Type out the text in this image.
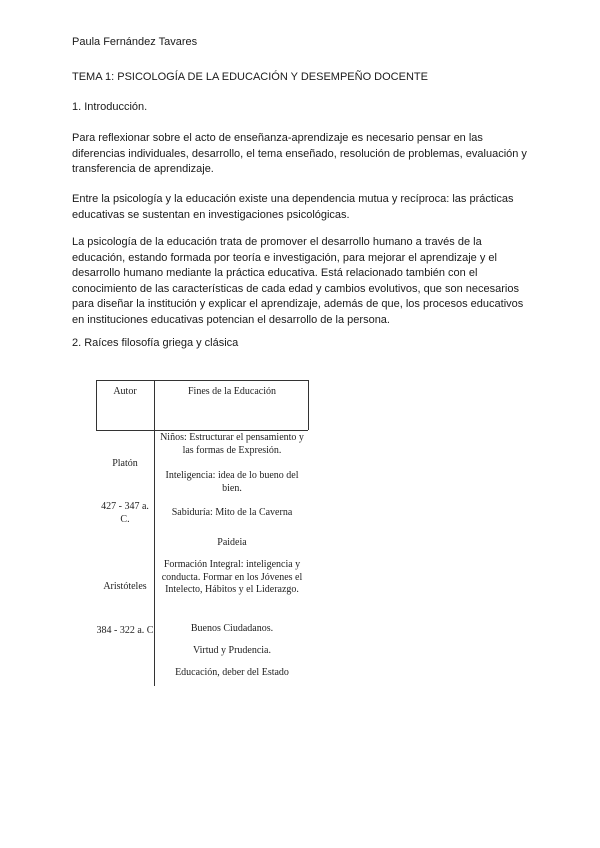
Paula Fernández Tavares

TEMA 1: PSICOLOGÍA DE LA EDUCACIÓN Y DESEMPEÑO DOCENTE

1. Introducción.

Para reflexionar sobre el acto de enseñanza-aprendizaje es necesario pensar en las diferencias individuales, desarrollo, el tema enseñado, resolución de problemas, evaluación y transferencia de aprendizaje.

Entre la psicología y la educación existe una dependencia mutua y recíproca: las prácticas educativas se sustentan en investigaciones psicológicas.

La psicología de la educación trata de promover el desarrollo humano a través de la educación, estando formada por teoría e investigación, para mejorar el aprendizaje y el desarrollo humano mediante la práctica educativa. Está relacionado también con el conocimiento de las características de cada edad y cambios evolutivos, que son necesarios para diseñar la institución y explicar el aprendizaje, además de que, los procesos educativos en instituciones educativas potencian el desarrollo de la persona.

2. Raíces filosofía griega y clásica

Autor	Fines de la Educación

Platón

427 - 347 a. C.

Niños: Estructurar el pensamiento y las formas de Expresión.

Inteligencia: idea de lo bueno del bien.

Sabiduría: Mito de la Caverna

Aristóteles

384 - 322 a. C

Paideia

Formación Integral: inteligencia y conducta. Formar en los Jóvenes el Intelecto, Hábitos y el Liderazgo.

Buenos Ciudadanos.

Virtud y Prudencia.

Educación, deber del Estado
